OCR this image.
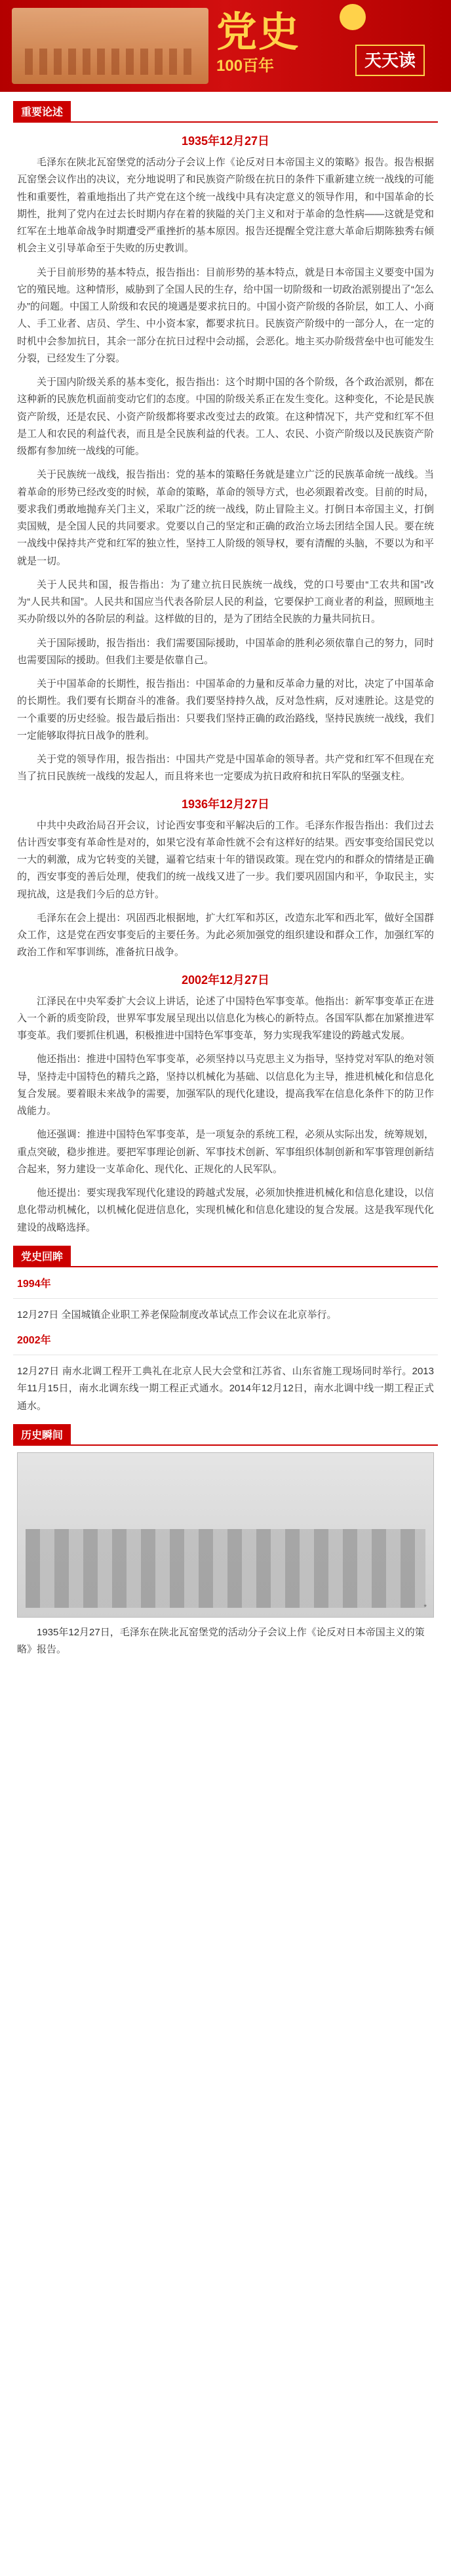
党史
100百年	天天读
重要论述
1935年12月27日

毛泽东在陕北瓦窑堡党的活动分子会议上作《论反对日本帝国主义的策略》报告。报告根据瓦窑堡会议作出的决议，充分地说明了和民族资产阶级在抗日的条件下重新建立统一战线的可能性和重要性，着重地指出了共产党在这个统一战线中具有决定意义的领导作用，和中国革命的长期性，批判了党内在过去长时期内存在着的狭隘的关门主义和对于革命的急性病——这就是党和红军在土地革命战争时期遭受严重挫折的基本原因。报告还提醒全党注意大革命后期陈独秀右倾机会主义引导革命至于失败的历史教训。

关于目前形势的基本特点，报告指出：目前形势的基本特点，就是日本帝国主义要变中国为它的殖民地。这种情形，威胁到了全国人民的生存，给中国一切阶级和一切政治派别提出了“怎么办”的问题。中国工人阶级和农民的境遇是要求抗日的。中国小资产阶级的各阶层，如工人、小商人、手工业者、店员、学生、中小资本家，都要求抗日。民族资产阶级中的一部分人，在一定的时机中会参加抗日，其余一部分在抗日过程中会动摇，会恶化。地主买办阶级营垒中也可能发生分裂，已经发生了分裂。

关于国内阶级关系的基本变化，报告指出：这个时期中国的各个阶级，各个政治派别，都在这种新的民族危机面前变动它们的态度。中国的阶级关系正在发生变化。这种变化，不论是民族资产阶级，还是农民、小资产阶级都将要求改变过去的政策。在这种情况下，共产党和红军不但是工人和农民的利益代表，而且是全民族利益的代表。工人、农民、小资产阶级以及民族资产阶级都有参加统一战线的可能。

关于民族统一战线，报告指出：党的基本的策略任务就是建立广泛的民族革命统一战线。当着革命的形势已经改变的时候，革命的策略，革命的领导方式，也必须跟着改变。目前的时局，要求我们勇敢地抛弃关门主义，采取广泛的统一战线，防止冒险主义。打倒日本帝国主义，打倒卖国贼，是全国人民的共同要求。党要以自己的坚定和正确的政治立场去团结全国人民。要在统一战线中保持共产党和红军的独立性，坚持工人阶级的领导权，要有清醒的头脑，不要以为和平就是一切。

关于人民共和国，报告指出：为了建立抗日民族统一战线，党的口号要由“工农共和国”改为“人民共和国”。人民共和国应当代表各阶层人民的利益，它要保护工商业者的利益，照顾地主买办阶级以外的各阶层的利益。这样做的目的，是为了团结全民族的力量共同抗日。

关于国际援助，报告指出：我们需要国际援助，中国革命的胜利必须依靠自己的努力，同时也需要国际的援助。但我们主要是依靠自己。

关于中国革命的长期性，报告指出：中国革命的力量和反革命力量的对比，决定了中国革命的长期性。我们要有长期奋斗的准备。我们要坚持持久战，反对急性病，反对速胜论。这是党的一个重要的历史经验。报告最后指出：只要我们坚持正确的政治路线，坚持民族统一战线，我们一定能够取得抗日战争的胜利。

关于党的领导作用，报告指出：中国共产党是中国革命的领导者。共产党和红军不但现在充当了抗日民族统一战线的发起人，而且将来也一定要成为抗日政府和抗日军队的坚强支柱。

1936年12月27日

中共中央政治局召开会议，讨论西安事变和平解决后的工作。毛泽东作报告指出：我们过去估计西安事变有革命性是对的，如果它没有革命性就不会有这样好的结果。西安事变给国民党以一大的刺激，成为它转变的关键，逼着它结束十年的错误政策。现在党内的和群众的情绪是正确的，西安事变的善后处理，使我们的统一战线又进了一步。我们要巩固国内和平，争取民主，实现抗战，这是我们今后的总方针。

毛泽东在会上提出：巩固西北根据地，扩大红军和苏区，改造东北军和西北军，做好全国群众工作，这是党在西安事变后的主要任务。为此必须加强党的组织建设和群众工作，加强红军的政治工作和军事训练，准备抗日战争。

2002年12月27日

江泽民在中央军委扩大会议上讲话，论述了中国特色军事变革。他指出：新军事变革正在进入一个新的质变阶段，世界军事发展呈现出以信息化为核心的新特点。各国军队都在加紧推进军事变革。我们要抓住机遇，积极推进中国特色军事变革，努力实现我军建设的跨越式发展。

他还指出：推进中国特色军事变革，必须坚持以马克思主义为指导，坚持党对军队的绝对领导，坚持走中国特色的精兵之路，坚持以机械化为基础、以信息化为主导，推进机械化和信息化复合发展。要着眼未来战争的需要，加强军队的现代化建设，提高我军在信息化条件下的防卫作战能力。

他还强调：推进中国特色军事变革，是一项复杂的系统工程，必须从实际出发，统筹规划，重点突破，稳步推进。要把军事理论创新、军事技术创新、军事组织体制创新和军事管理创新结合起来，努力建设一支革命化、现代化、正规化的人民军队。

他还提出：要实现我军现代化建设的跨越式发展，必须加快推进机械化和信息化建设，以信息化带动机械化，以机械化促进信息化，实现机械化和信息化建设的复合发展。这是我军现代化建设的战略选择。

党史回眸
1994年

12月27日 全国城镇企业职工养老保险制度改革试点工作会议在北京举行。

2002年

12月27日 南水北调工程开工典礼在北京人民大会堂和江苏省、山东省施工现场同时举行。2013年11月15日，南水北调东线一期工程正式通水。2014年12月12日，南水北调中线一期工程正式通水。

历史瞬间
*

1935年12月27日，毛泽东在陕北瓦窑堡党的活动分子会议上作《论反对日本帝国主义的策略》报告。
